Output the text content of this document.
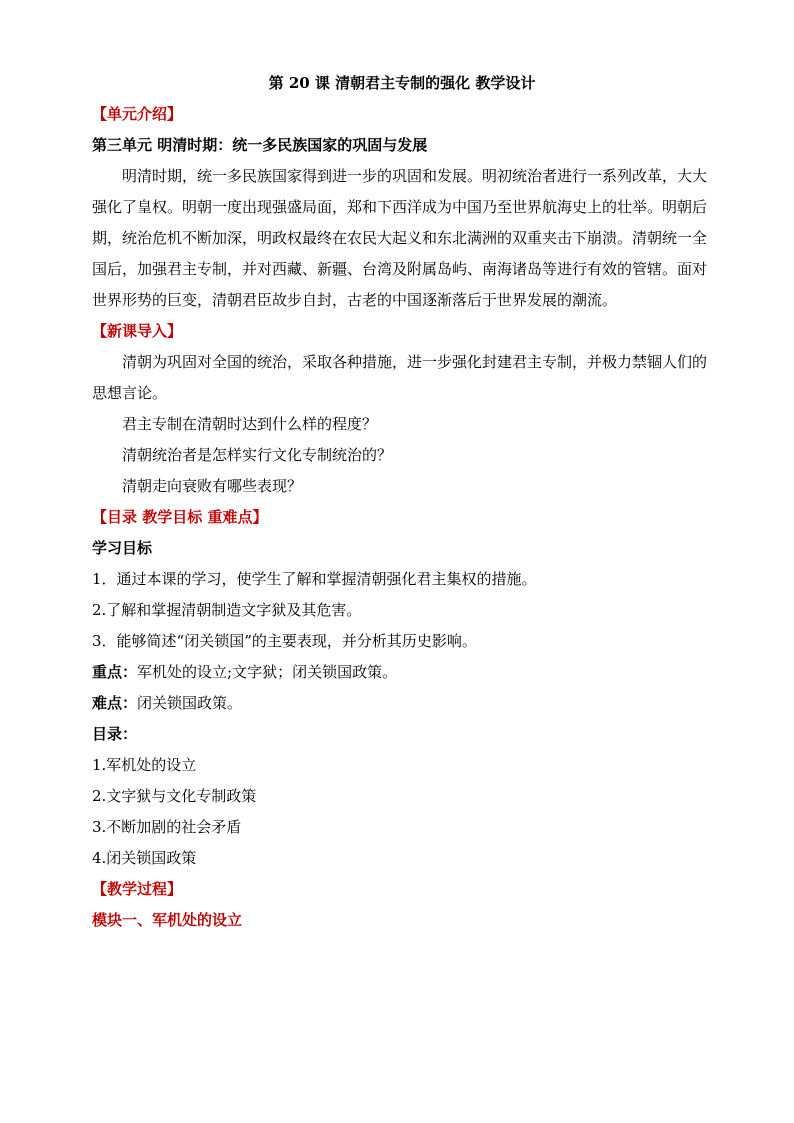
第 20 课 清朝君主专制的强化 教学设计
【单元介绍】
第三单元 明清时期：统一多民族国家的巩固与发展
明清时期，统一多民族国家得到进一步的巩固和发展。明初统治者进行一系列改革，大大强化了皇权。明朝一度出现强盛局面，郑和下西洋成为中国乃至世界航海史上的壮举。明朝后期，统治危机不断加深，明政权最终在农民大起义和东北满洲的双重夹击下崩溃。清朝统一全国后，加强君主专制，并对西藏、新疆、台湾及附属岛屿、南海诸岛等进行有效的管辖。面对世界形势的巨变，清朝君臣故步自封，古老的中国逐渐落后于世界发展的潮流。
【新课导入】
清朝为巩固对全国的统治，采取各种措施，进一步强化封建君主专制，并极力禁锢人们的思想言论。
君主专制在清朝时达到什么样的程度？
清朝统治者是怎样实行文化专制统治的？
清朝走向衰败有哪些表现？
【目录 教学目标 重难点】
学习目标
1．通过本课的学习，使学生了解和掌握清朝强化君主集权的措施。
2.了解和掌握清朝制造文字狱及其危害。
3．能够简述“闭关锁国”的主要表现，并分析其历史影响。
重点：军机处的设立;文字狱；闭关锁国政策。
难点：闭关锁国政策。
目录：
1.军机处的设立
2.文字狱与文化专制政策
3.不断加剧的社会矛盾
4.闭关锁国政策
【教学过程】
模块一、军机处的设立
